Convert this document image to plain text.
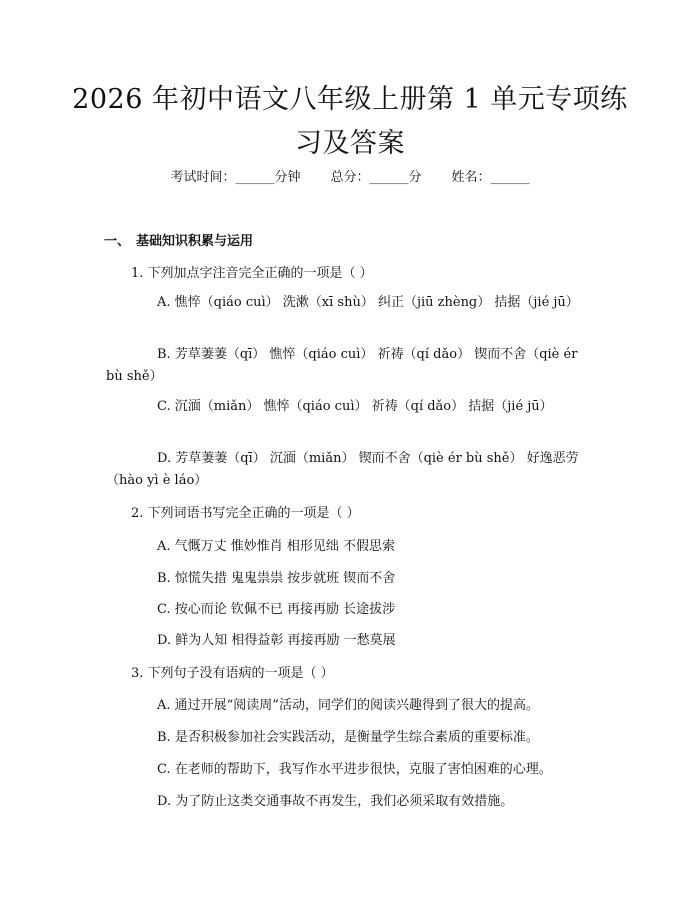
2026 年初中语文八年级上册第 1 单元专项练
习及答案
考试时间：______分钟 总分：______分 姓名：______
一、 基础知识积累与运用
1. 下列加点字注音完全正确的一项是（ ）
A. 憔悴（qiáo cuì） 洗漱（xī shù） 纠正（jiū zhèng） 拮据（jié jū）
B. 芳草萋萋（qī） 憔悴（qiáo cuì） 祈祷（qí dǎo） 锲而不舍（qiè ér bù shě）
C. 沉湎（miǎn） 憔悴（qiáo cuì） 祈祷（qí dǎo） 拮据（jié jū）
D. 芳草萋萋（qī） 沉湎（miǎn） 锲而不舍（qiè ér bù shě） 好逸恶劳（hào yì è láo）
2. 下列词语书写完全正确的一项是（ ）
A. 气慨万丈 惟妙惟肖 相形见绌 不假思索
B. 惊慌失措 鬼鬼祟祟 按步就班 锲而不舍
C. 按心而论 钦佩不已 再接再励 长途拔涉
D. 鲜为人知 相得益彰 再接再励 一愁莫展
3. 下列句子没有语病的一项是（ ）
A. 通过开展“阅读周”活动，同学们的阅读兴趣得到了很大的提高。
B. 是否积极参加社会实践活动，是衡量学生综合素质的重要标准。
C. 在老师的帮助下，我写作水平进步很快，克服了害怕困难的心理。
D. 为了防止这类交通事故不再发生，我们必须采取有效措施。
